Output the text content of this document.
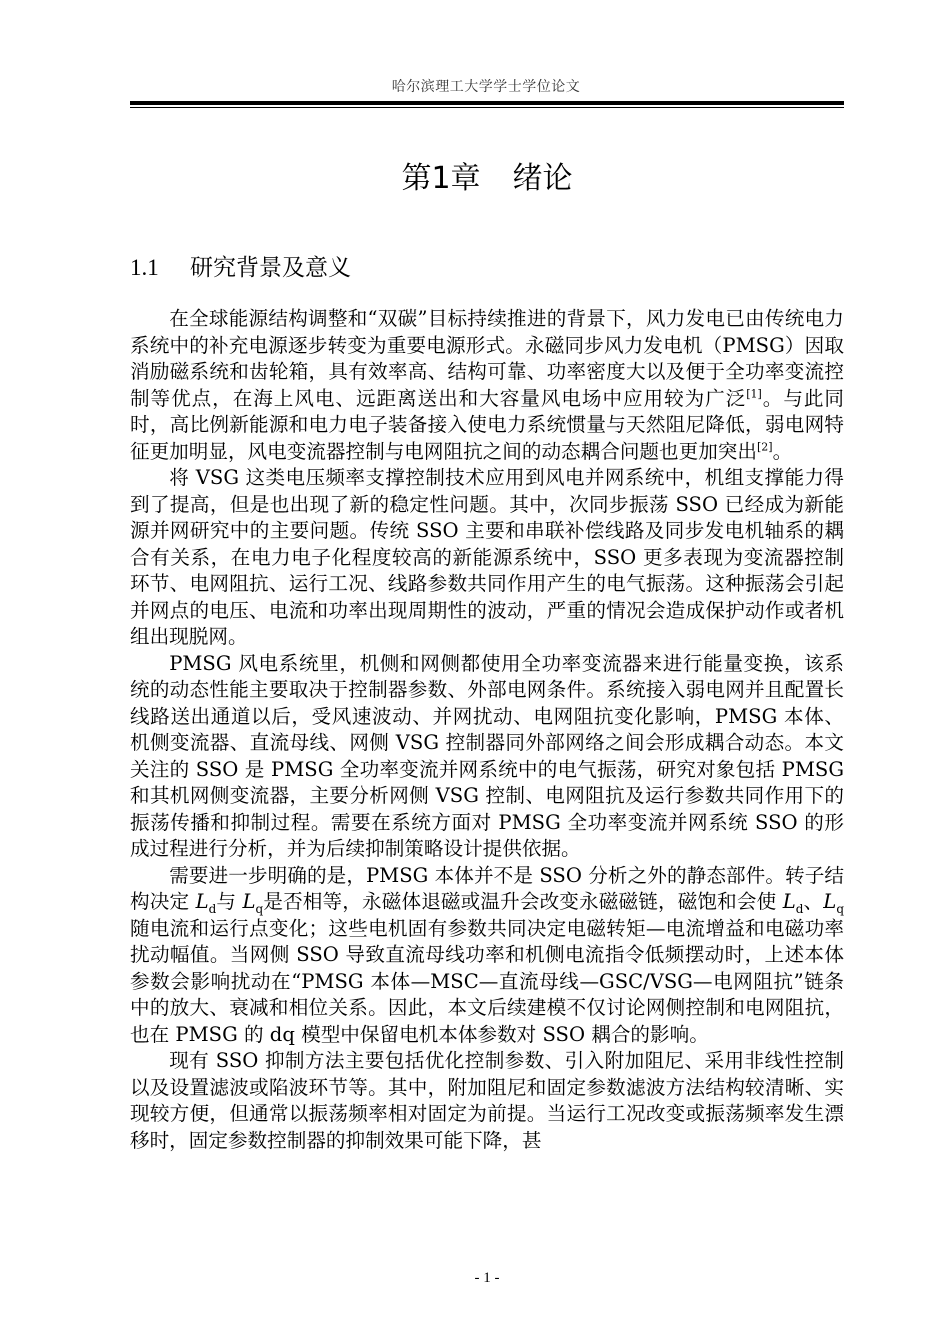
哈尔滨理工大学学士学位论文
第1章 绪论
1.1 研究背景及意义

在全球能源结构调整和“双碳”目标持续推进的背景下，风力发电已由传统电力系统中的补充电源逐步转变为重要电源形式。永磁同步风力发电机（PMSG）因取消励磁系统和齿轮箱，具有效率高、结构可靠、功率密度大以及便于全功率变流控制等优点，在海上风电、远距离送出和大容量风电场中应用较为广泛[1]。与此同时，高比例新能源和电力电子装备接入使电力系统惯量与天然阻尼降低，弱电网特征更加明显，风电变流器控制与电网阻抗之间的动态耦合问题也更加突出[2]。

将 VSG 这类电压频率支撑控制技术应用到风电并网系统中，机组支撑能力得到了提高，但是也出现了新的稳定性问题。其中，次同步振荡 SSO 已经成为新能源并网研究中的主要问题。传统 SSO 主要和串联补偿线路及同步发电机轴系的耦合有关系，在电力电子化程度较高的新能源系统中，SSO 更多表现为变流器控制环节、电网阻抗、运行工况、线路参数共同作用产生的电气振荡。这种振荡会引起并网点的电压、电流和功率出现周期性的波动，严重的情况会造成保护动作或者机组出现脱网。

PMSG 风电系统里，机侧和网侧都使用全功率变流器来进行能量变换，该系统的动态性能主要取决于控制器参数、外部电网条件。系统接入弱电网并且配置长线路送出通道以后，受风速波动、并网扰动、电网阻抗变化影响，PMSG 本体、机侧变流器、直流母线、网侧 VSG 控制器同外部网络之间会形成耦合动态。本文关注的 SSO 是 PMSG 全功率变流并网系统中的电气振荡，研究对象包括 PMSG 和其机网侧变流器，主要分析网侧 VSG 控制、电网阻抗及运行参数共同作用下的振荡传播和抑制过程。需要在系统方面对 PMSG 全功率变流并网系统 SSO 的形成过程进行分析，并为后续抑制策略设计提供依据。

需要进一步明确的是，PMSG 本体并不是 SSO 分析之外的静态部件。转子结构决定 $L_d$与 $L_q$是否相等，永磁体退磁或温升会改变永磁磁链，磁饱和会使 $L_d$、$L_q$随电流和运行点变化；这些电机固有参数共同决定电磁转矩—电流增益和电磁功率扰动幅值。当网侧 SSO 导致直流母线功率和机侧电流指令低频摆动时，上述本体参数会影响扰动在“PMSG 本体—MSC—直流母线—GSC/VSG—电网阻抗”链条中的放大、衰减和相位关系。因此，本文后续建模不仅讨论网侧控制和电网阻抗，也在 PMSG 的 dq 模型中保留电机本体参数对 SSO 耦合的影响。

现有 SSO 抑制方法主要包括优化控制参数、引入附加阻尼、采用非线性控制以及设置滤波或陷波环节等。其中，附加阻尼和固定参数滤波方法结构较清晰、实现较方便，但通常以振荡频率相对固定为前提。当运行工况改变或振荡频率发生漂移时，固定参数控制器的抑制效果可能下降，甚

- 1 -
